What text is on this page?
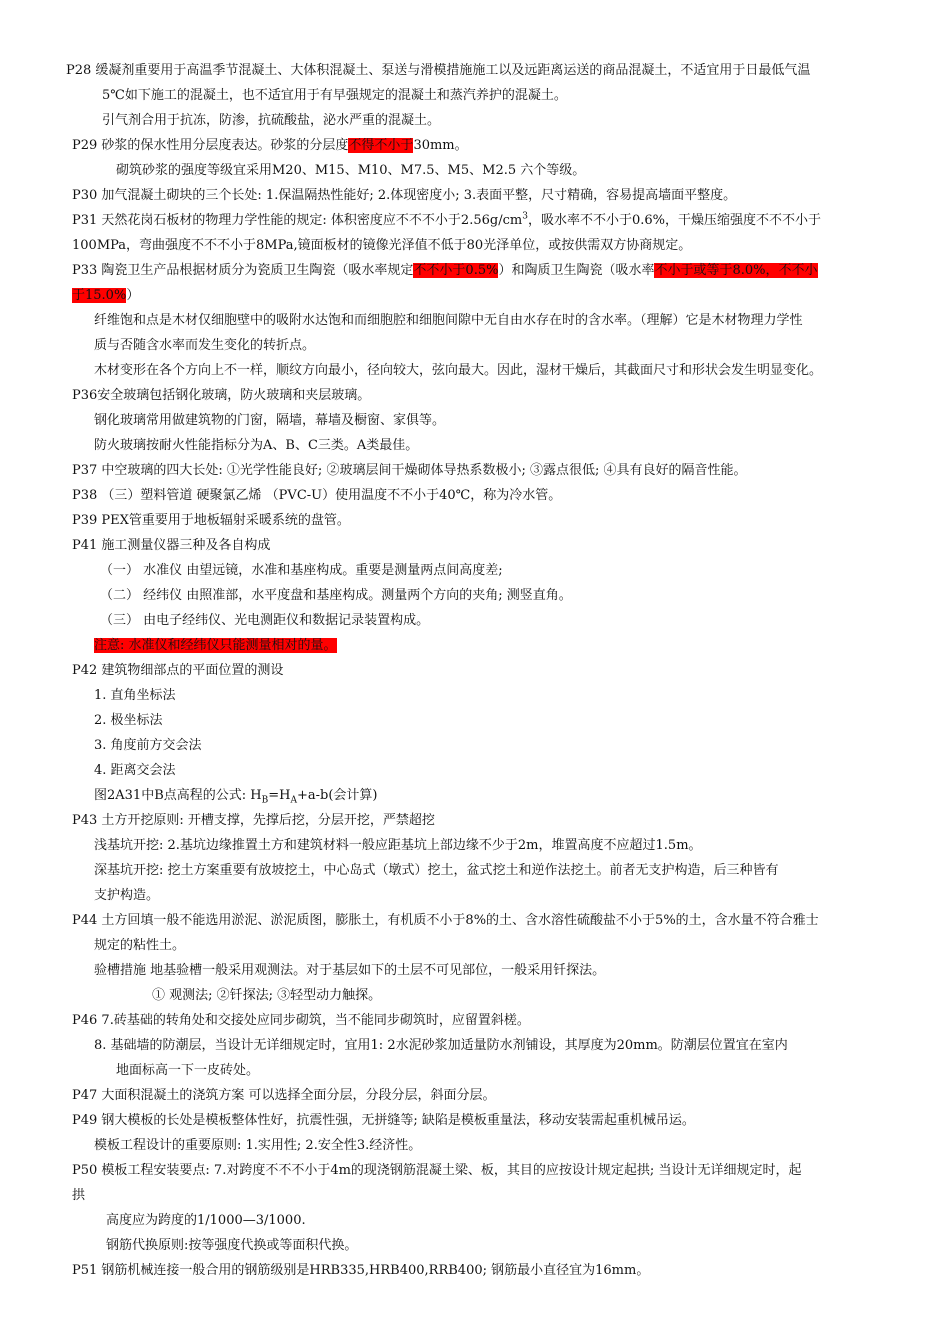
P28 缓凝剂重要用于高温季节混凝土、大体积混凝土、泵送与滑模措施施工以及远距离运送的商品混凝土，不适宜用于日最低气温
5℃如下施工的混凝土，也不适宜用于有早强规定的混凝土和蒸汽养护的混凝土。
引气剂合用于抗冻，防渗，抗硫酸盐，泌水严重的混凝土。
P29 砂浆的保水性用分层度表达。砂浆的分层度不得不小于30mm。
砌筑砂浆的强度等级宜采用M20、M15、M10、M7.5、M5、M2.5 六个等级。
P30 加气混凝土砌块的三个长处: 1.保温隔热性能好; 2.体现密度小; 3.表面平整，尺寸精确，容易提高墙面平整度。
P31 天然花岗石板材的物理力学性能的规定: 体积密度应不不不小于$2.56g/cm^3$，吸水率不不小于0.6%，干燥压缩强度不不不小于
100MPa，弯曲强度不不不小于8MPa,镜面板材的镜像光泽值不低于80光泽单位，或按供需双方协商规定。
P33 陶瓷卫生产品根据材质分为瓷质卫生陶瓷（吸水率规定不不小于0.5%）和陶质卫生陶瓷（吸水率不小于或等于8.0%，不不小
于15.0%）
纤维饱和点是木材仅细胞壁中的吸附水达饱和而细胞腔和细胞间隙中无自由水存在时的含水率。（理解）它是木材物理力学性
质与否随含水率而发生变化的转折点。
木材变形在各个方向上不一样，顺纹方向最小，径向较大，弦向最大。因此，湿材干燥后，其截面尺寸和形状会发生明显变化。
P36安全玻璃包括钢化玻璃，防火玻璃和夹层玻璃。
钢化玻璃常用做建筑物的门窗，隔墙，幕墙及橱窗、家俱等。
防火玻璃按耐火性能指标分为A、B、C三类。A类最佳。
P37 中空玻璃的四大长处: ①光学性能良好; ②玻璃层间干燥砌体导热系数极小; ③露点很低; ④具有良好的隔音性能。
P38 （三）塑料管道 硬聚氯乙烯 （PVC-U）使用温度不不小于40℃，称为冷水管。
P39 PEX管重要用于地板辐射采暖系统的盘管。
P41 施工测量仪器三种及各自构成
（一） 水准仪 由望远镜，水准和基座构成。重要是测量两点间高度差;
（二） 经纬仪 由照准部，水平度盘和基座构成。测量两个方向的夹角; 测竖直角。
（三） 由电子经纬仪、光电测距仪和数据记录装置构成。
注意: 水准仪和经纬仪只能测量相对的量。
P42 建筑物细部点的平面位置的测设
1. 直角坐标法
2. 极坐标法
3. 角度前方交会法
4. 距离交会法
图2A31中B点高程的公式: $H_B=H_A+a-b$(会计算)
P43 土方开挖原则: 开槽支撑，先撑后挖，分层开挖，严禁超挖
浅基坑开挖: 2.基坑边缘推置土方和建筑材料一般应距基坑上部边缘不少于2m，堆置高度不应超过1.5m。
深基坑开挖: 挖土方案重要有放坡挖土，中心岛式（墩式）挖土，盆式挖土和逆作法挖土。前者无支护构造，后三种皆有
支护构造。
P44 土方回填一般不能选用淤泥、淤泥质图，膨胀土，有机质不小于8%的土、含水溶性硫酸盐不小于5%的土，含水量不符合雅士
规定的粘性土。
验槽措施 地基验槽一般采用观测法。对于基层如下的土层不可见部位，一般采用钎探法。
① 观测法; ②钎探法; ③轻型动力触探。
P46 7.砖基础的转角处和交接处应同步砌筑，当不能同步砌筑时，应留置斜槎。
8. 基础墙的防潮层，当设计无详细规定时，宜用1: 2水泥砂浆加适量防水剂铺设，其厚度为20mm。防潮层位置宜在室内
地面标高一下一皮砖处。
P47 大面积混凝土的浇筑方案 可以选择全面分层，分段分层，斜面分层。
P49 钢大模板的长处是模板整体性好，抗震性强，无拼缝等; 缺陷是模板重量法，移动安装需起重机械吊运。
模板工程设计的重要原则: 1.实用性; 2.安全性3.经济性。
P50 模板工程安装要点: 7.对跨度不不不小于4m的现浇钢筋混凝土梁、板，其目的应按设计规定起拱; 当设计无详细规定时，起
拱
高度应为跨度的1/1000—3/1000.
钢筋代换原则:按等强度代换或等面积代换。
P51 钢筋机械连接一般合用的钢筋级别是HRB335,HRB400,RRB400; 钢筋最小直径宜为16mm。
